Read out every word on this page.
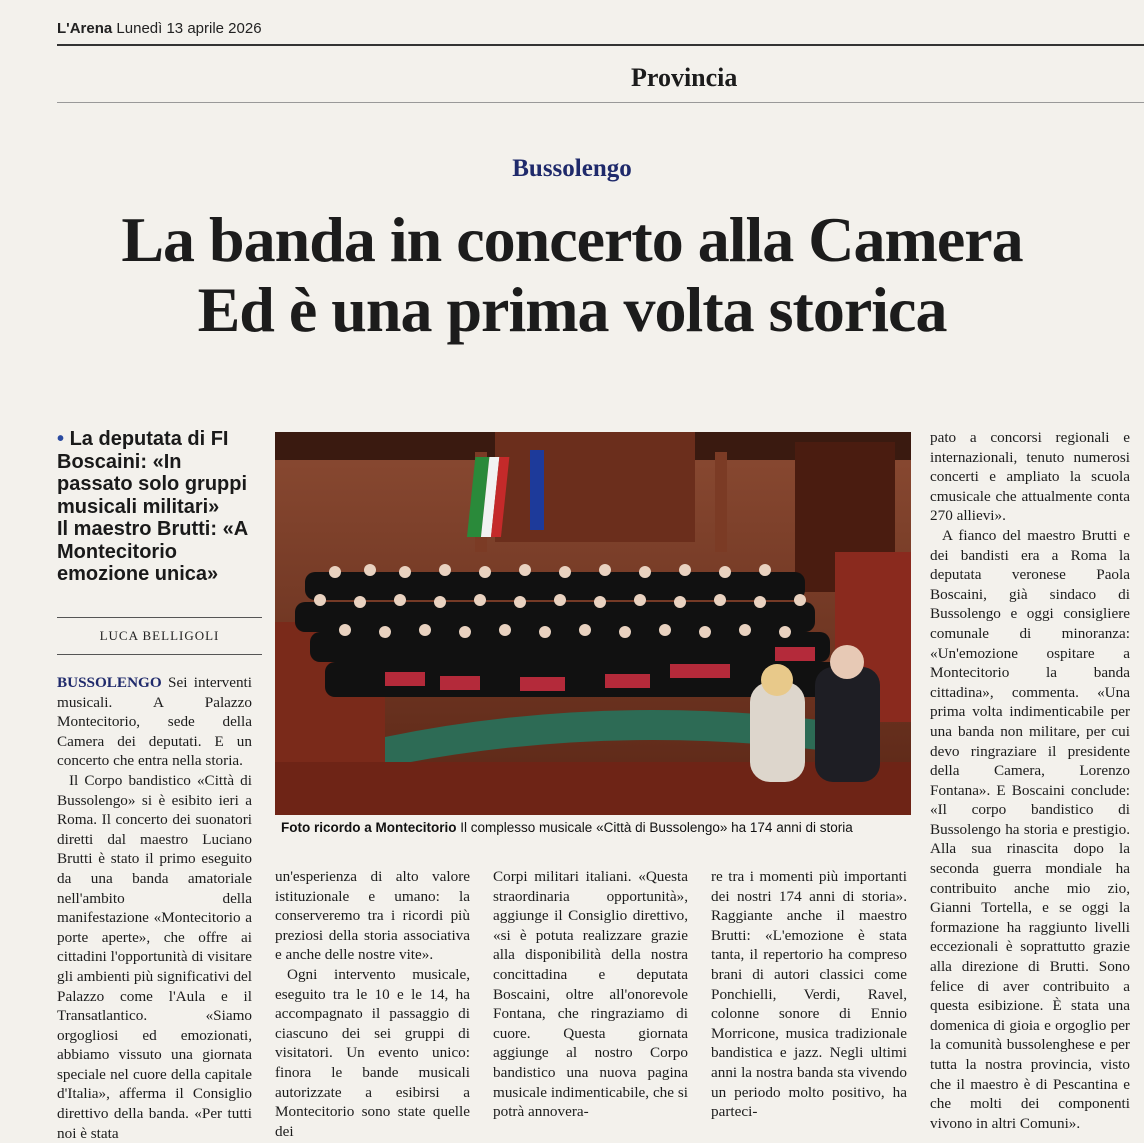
L'Arena Lunedì 13 aprile 2026
Provincia
Bussolengo
La banda in concerto alla Camera
Ed è una prima volta storica
• La deputata di FI Boscaini: «In passato solo gruppi musicali militari»
Il maestro Brutti: «A Montecitorio emozione unica»
LUCA BELLIGOLI
Foto ricordo a Montecitorio Il complesso musicale «Città di Bussolengo» ha 174 anni di storia

BUSSOLENGO Sei interventi musicali. A Palazzo Montecitorio, sede della Camera dei deputati. E un concerto che entra nella storia.

Il Corpo bandistico «Città di Bussolengo» si è esibito ieri a Roma. Il concerto dei suonatori diretti dal maestro Luciano Brutti è stato il primo eseguito da una banda amatoriale nell'ambito della manifestazione «Montecitorio a porte aperte», che offre ai cittadini l'opportunità di visitare gli ambienti più significativi del Palazzo come l'Aula e il Transatlantico. «Siamo orgogliosi ed emozionati, abbiamo vissuto una giornata speciale nel cuore della capitale d'Italia», afferma il Consiglio direttivo della banda. «Per tutti noi è stata

un'esperienza di alto valore istituzionale e umano: la conserveremo tra i ricordi più preziosi della storia associativa e anche delle nostre vite».

Ogni intervento musicale, eseguito tra le 10 e le 14, ha accompagnato il passaggio di ciascuno dei sei gruppi di visitatori. Un evento unico: finora le bande musicali autorizzate a esibirsi a Montecitorio sono state quelle dei

Corpi militari italiani. «Questa straordinaria opportunità», aggiunge il Consiglio direttivo, «si è potuta realizzare grazie alla disponibilità della nostra concittadina e deputata Boscaini, oltre all'onorevole Fontana, che ringraziamo di cuore. Questa giornata aggiunge al nostro Corpo bandistico una nuova pagina musicale indimenticabile, che si potrà annovera-

re tra i momenti più importanti dei nostri 174 anni di storia». Raggiante anche il maestro Brutti: «L'emozione è stata tanta, il repertorio ha compreso brani di autori classici come Ponchielli, Verdi, Ravel, colonne sonore di Ennio Morricone, musica tradizionale bandistica e jazz. Negli ultimi anni la nostra banda sta vivendo un periodo molto positivo, ha parteci-

pato a concorsi regionali e internazionali, tenuto numerosi concerti e ampliato la scuola cmusicale che attualmente conta 270 allievi».

A fianco del maestro Brutti e dei bandisti era a Roma la deputata veronese Paola Boscaini, già sindaco di Bussolengo e oggi consigliere comunale di minoranza: «Un'emozione ospitare a Montecitorio la banda cittadina», commenta. «Una prima volta indimenticabile per una banda non militare, per cui devo ringraziare il presidente della Camera, Lorenzo Fontana». E Boscaini conclude: «Il corpo bandistico di Bussolengo ha storia e prestigio. Alla sua rinascita dopo la seconda guerra mondiale ha contribuito anche mio zio, Gianni Tortella, e se oggi la formazione ha raggiunto livelli eccezionali è soprattutto grazie alla direzione di Brutti. Sono felice di aver contribuito a questa esibizione. È stata una domenica di gioia e orgoglio per la comunità bussolenghese e per tutta la nostra provincia, visto che il maestro è di Pescantina e che molti dei componenti vivono in altri Comuni».
